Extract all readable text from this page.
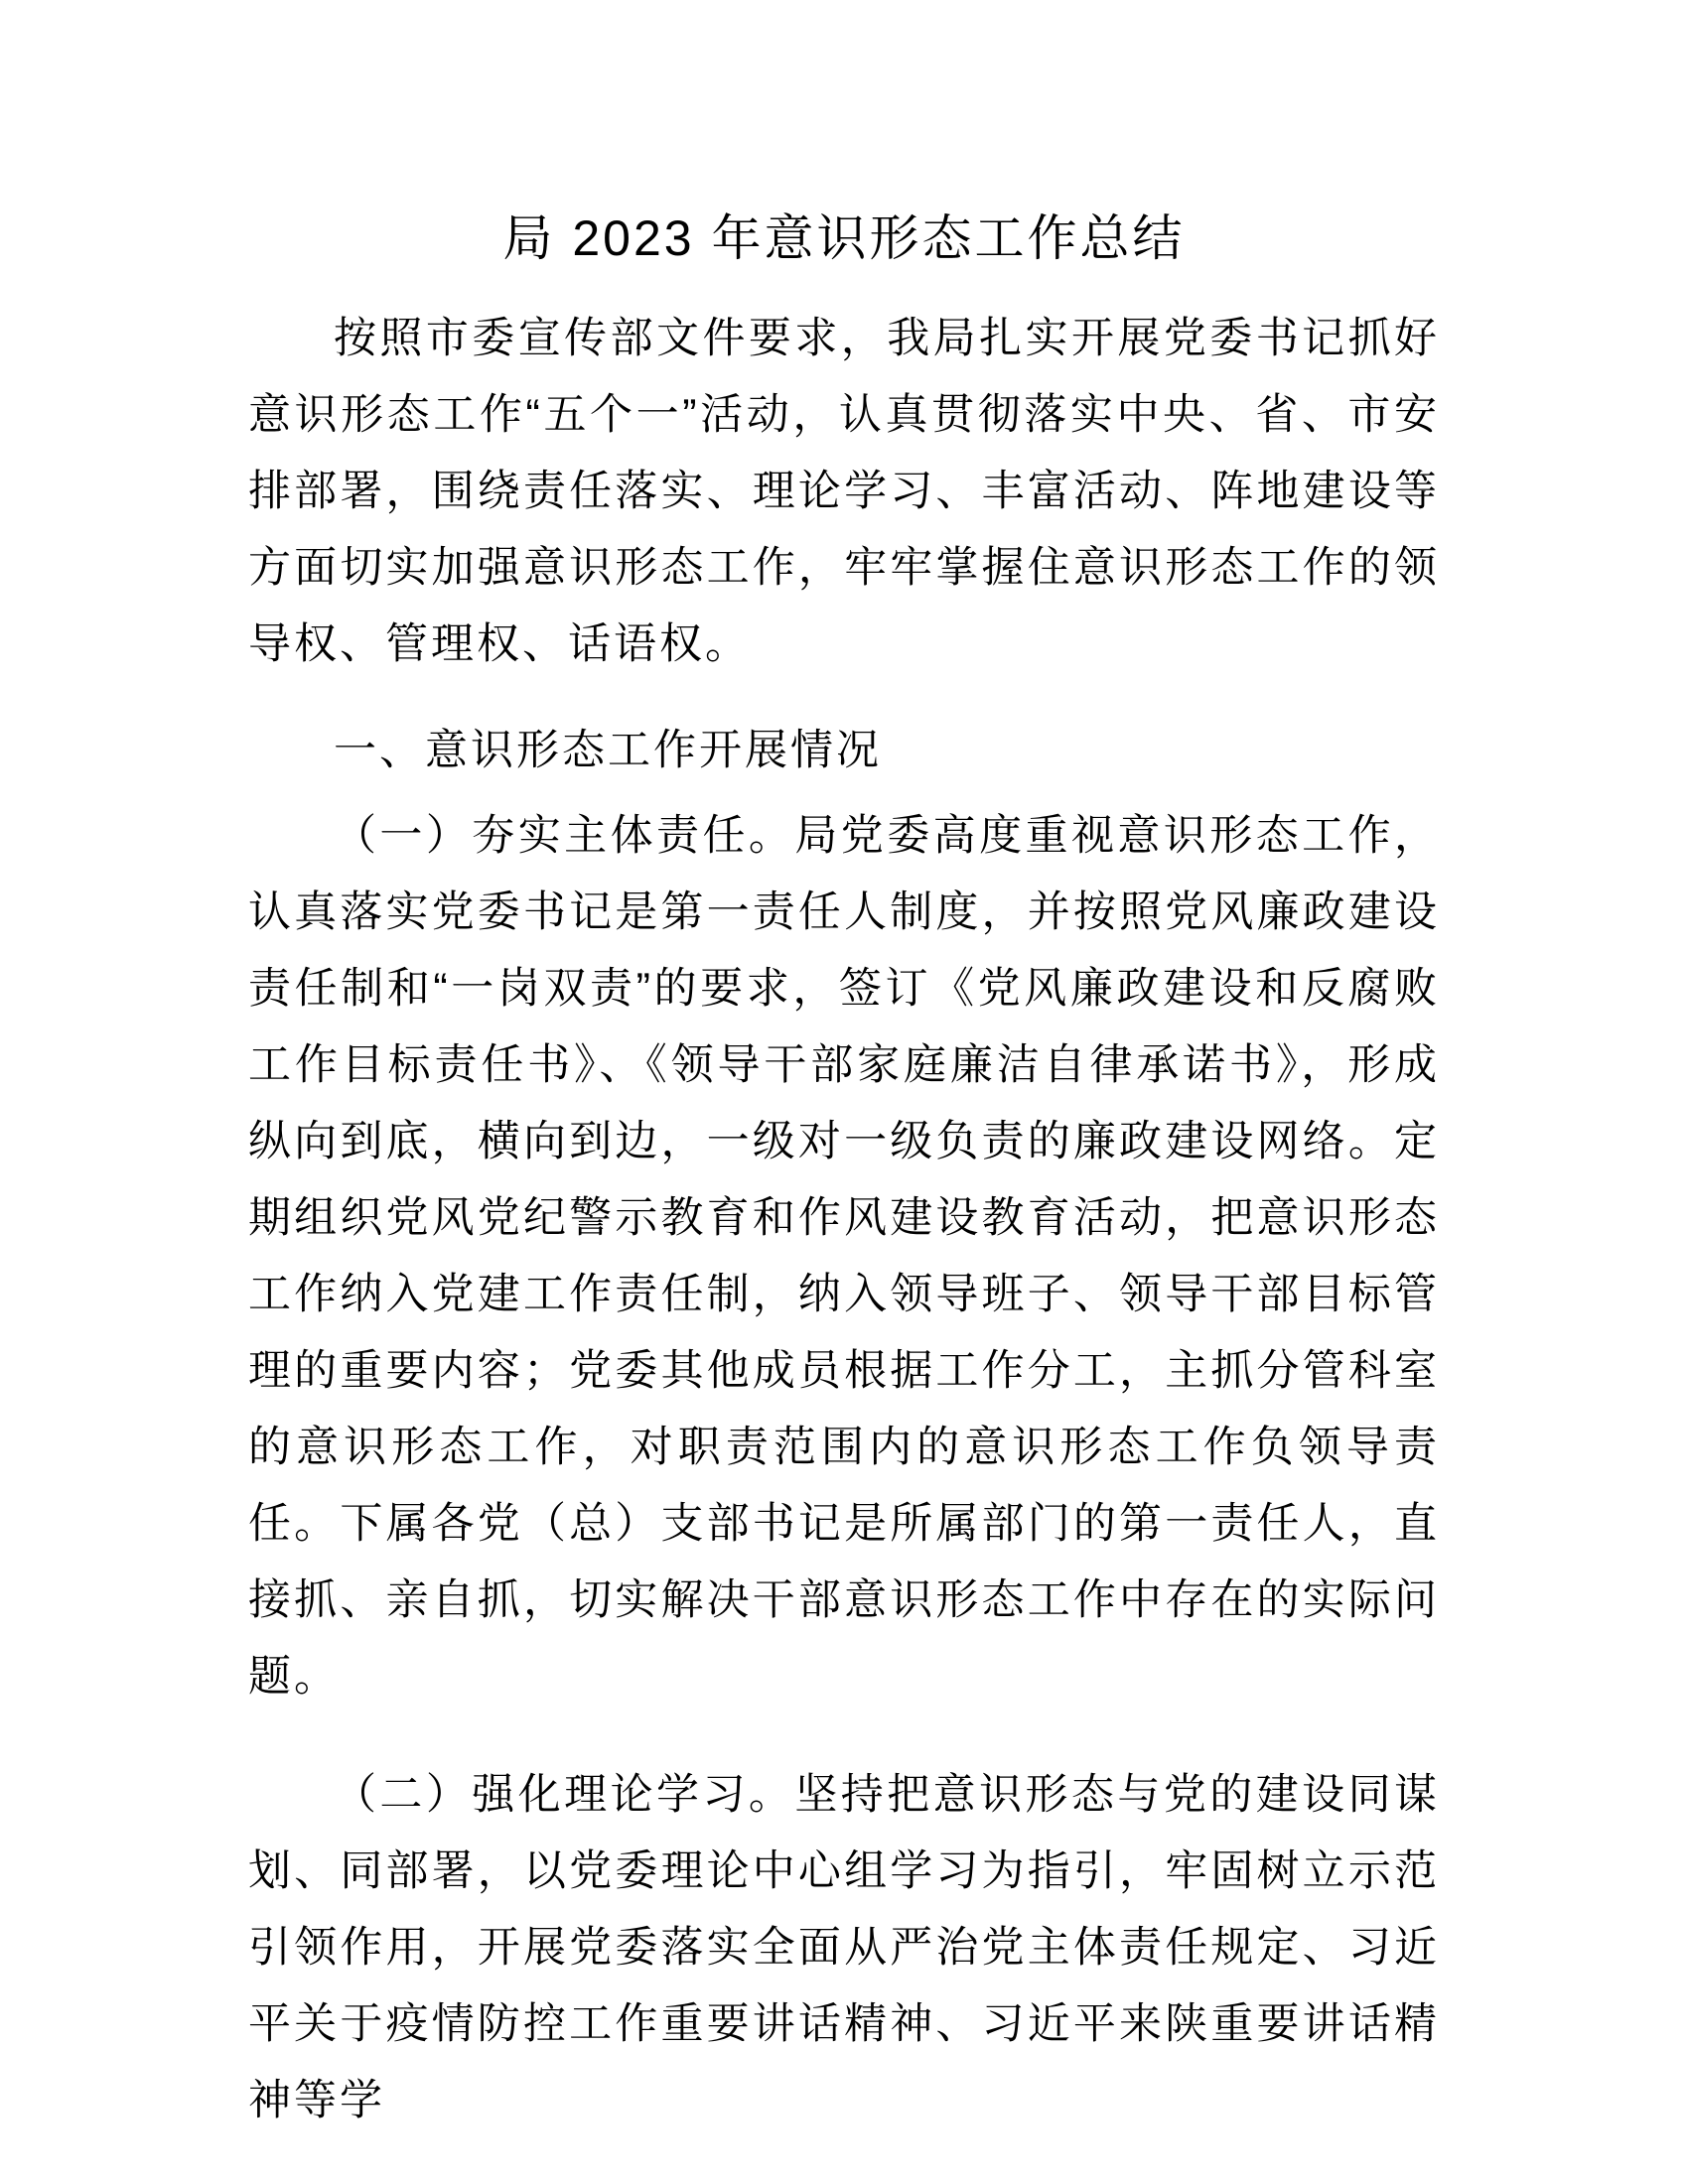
局 2023 年意识形态工作总结

按照市委宣传部文件要求，我局扎实开展党委书记抓好意识形态工作“五个一”活动，认真贯彻落实中央、省、市安排部署，围绕责任落实、理论学习、丰富活动、阵地建设等方面切实加强意识形态工作，牢牢掌握住意识形态工作的领导权、管理权、话语权。

一、意识形态工作开展情况

（一）夯实主体责任。局党委高度重视意识形态工作，认真落实党委书记是第一责任人制度，并按照党风廉政建设责任制和“一岗双责”的要求，签订《党风廉政建设和反腐败工作目标责任书》、《领导干部家庭廉洁自律承诺书》，形成纵向到底，横向到边，一级对一级负责的廉政建设网络。定期组织党风党纪警示教育和作风建设教育活动，把意识形态工作纳入党建工作责任制，纳入领导班子、领导干部目标管理的重要内容；党委其他成员根据工作分工，主抓分管科室的意识形态工作，对职责范围内的意识形态工作负领导责任。下属各党（总）支部书记是所属部门的第一责任人，直接抓、亲自抓，切实解决干部意识形态工作中存在的实际问题。

（二）强化理论学习。坚持把意识形态与党的建设同谋划、同部署，以党委理论中心组学习为指引，牢固树立示范引领作用，开展党委落实全面从严治党主体责任规定、习近平关于疫情防控工作重要讲话精神、习近平来陕重要讲话精神等学
